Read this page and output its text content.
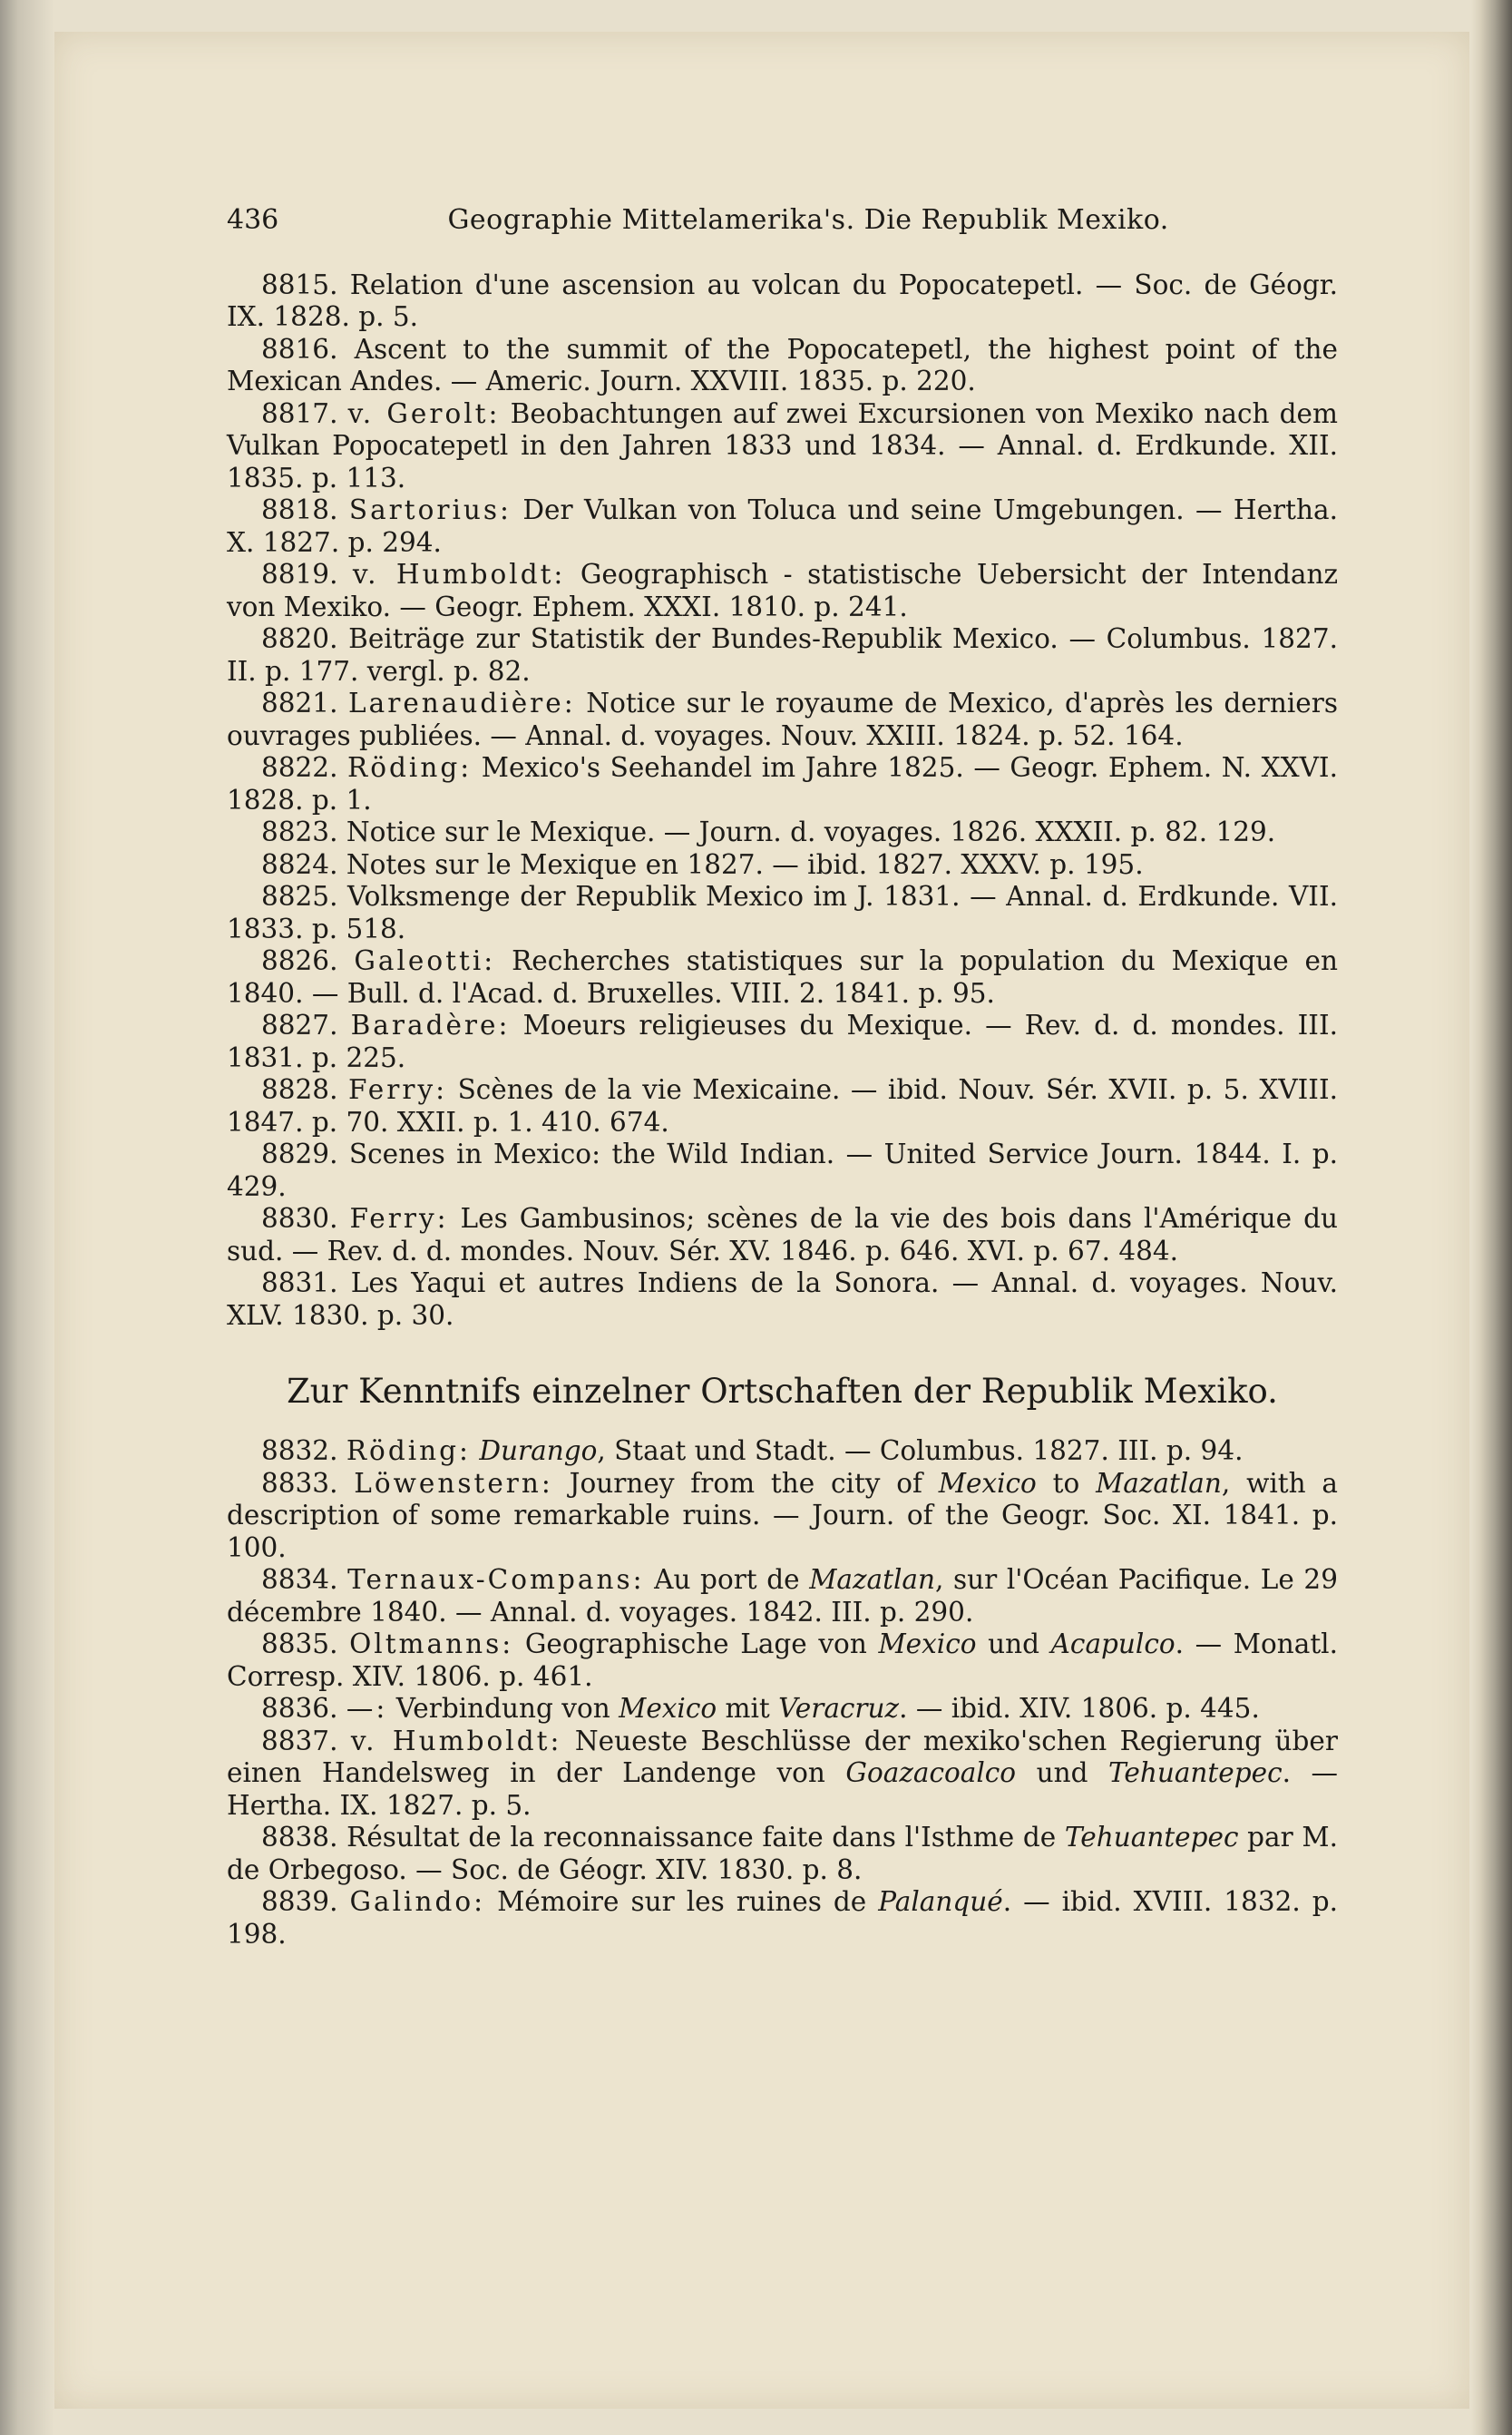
436	Geographie Mittelamerika's. Die Republik Mexiko.

8815. Relation d'une ascension au volcan du Popocatepetl. — Soc. de Géogr. IX. 1828. p. 5.

8816. Ascent to the summit of the Popocatepetl, the highest point of the Mexican Andes. — Americ. Journ. XXVIII. 1835. p. 220.

8817. v. Gerolt: Beobachtungen auf zwei Excursionen von Mexiko nach dem Vulkan Popocatepetl in den Jahren 1833 und 1834. — Annal. d. Erdkunde. XII. 1835. p. 113.

8818. Sartorius: Der Vulkan von Toluca und seine Umgebungen. — Hertha. X. 1827. p. 294.

8819. v. Humboldt: Geographisch - statistische Uebersicht der Intendanz von Mexiko. — Geogr. Ephem. XXXI. 1810. p. 241.

8820. Beiträge zur Statistik der Bundes-Republik Mexico. — Columbus. 1827. II. p. 177. vergl. p. 82.

8821. Larenaudière: Notice sur le royaume de Mexico, d'après les derniers ouvrages publiées. — Annal. d. voyages. Nouv. XXIII. 1824. p. 52. 164.

8822. Röding: Mexico's Seehandel im Jahre 1825. — Geogr. Ephem. N. XXVI. 1828. p. 1.

8823. Notice sur le Mexique. — Journ. d. voyages. 1826. XXXII. p. 82. 129.

8824. Notes sur le Mexique en 1827. — ibid. 1827. XXXV. p. 195.

8825. Volksmenge der Republik Mexico im J. 1831. — Annal. d. Erdkunde. VII. 1833. p. 518.

8826. Galeotti: Recherches statistiques sur la population du Mexique en 1840. — Bull. d. l'Acad. d. Bruxelles. VIII. 2. 1841. p. 95.

8827. Baradère: Moeurs religieuses du Mexique. — Rev. d. d. mondes. III. 1831. p. 225.

8828. Ferry: Scènes de la vie Mexicaine. — ibid. Nouv. Sér. XVII. p. 5. XVIII. 1847. p. 70. XXII. p. 1. 410. 674.

8829. Scenes in Mexico: the Wild Indian. — United Service Journ. 1844. I. p. 429.

8830. Ferry: Les Gambusinos; scènes de la vie des bois dans l'Amérique du sud. — Rev. d. d. mondes. Nouv. Sér. XV. 1846. p. 646. XVI. p. 67. 484.

8831. Les Yaqui et autres Indiens de la Sonora. — Annal. d. voyages. Nouv. XLV. 1830. p. 30.

Zur Kenntnifs einzelner Ortschaften der Republik Mexiko.

8832. Röding: Durango, Staat und Stadt. — Columbus. 1827. III. p. 94.

8833. Löwenstern: Journey from the city of Mexico to Mazatlan, with a description of some remarkable ruins. — Journ. of the Geogr. Soc. XI. 1841. p. 100.

8834. Ternaux-Compans: Au port de Mazatlan, sur l'Océan Pacifique. Le 29 décembre 1840. — Annal. d. voyages. 1842. III. p. 290.

8835. Oltmanns: Geographische Lage von Mexico und Acapulco. — Monatl. Corresp. XIV. 1806. p. 461.

8836. —: Verbindung von Mexico mit Veracruz. — ibid. XIV. 1806. p. 445.

8837. v. Humboldt: Neueste Beschlüsse der mexiko'schen Regierung über einen Handelsweg in der Landenge von Goazacoalco und Tehuantepec. — Hertha. IX. 1827. p. 5.

8838. Résultat de la reconnaissance faite dans l'Isthme de Tehuantepec par M. de Orbegoso. — Soc. de Géogr. XIV. 1830. p. 8.

8839. Galindo: Mémoire sur les ruines de Palanqué. — ibid. XVIII. 1832. p. 198.
